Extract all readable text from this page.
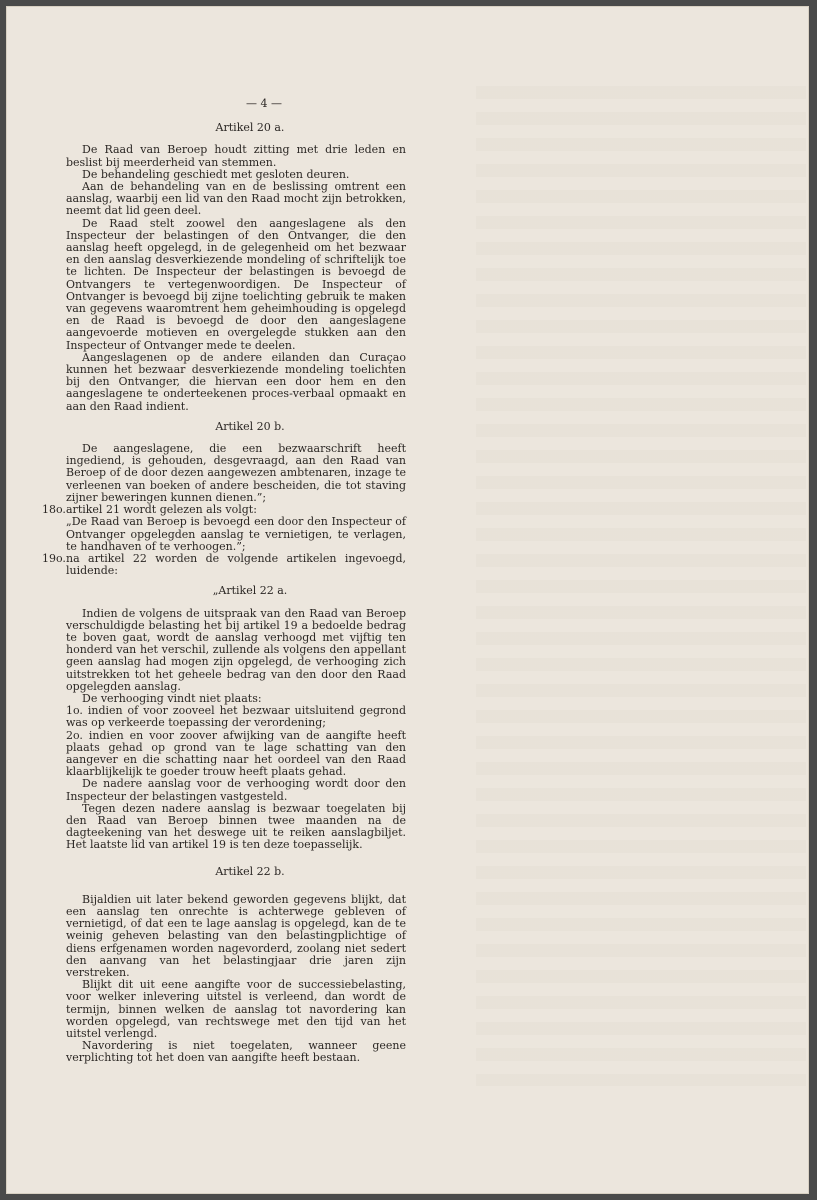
— 4 —
Artikel 20 a.

De Raad van Beroep houdt zitting met drie leden en beslist bij meerderheid van stemmen.

De behandeling geschiedt met gesloten deuren.

Aan de behandeling van en de beslissing omtrent een aanslag, waarbij een lid van den Raad mocht zijn betrokken, neemt dat lid geen deel.

De Raad stelt zoowel den aangeslagene als den Inspecteur der belastingen of den Ontvanger, die den aanslag heeft opgelegd, in de gelegenheid om het bezwaar en den aanslag desverkiezende mondeling of schriftelijk toe te lichten. De Inspecteur der belastingen is bevoegd de Ontvangers te vertegenwoordigen. De Inspecteur of Ontvanger is bevoegd bij zijne toelichting gebruik te maken van gegevens waaromtrent hem geheimhouding is opgelegd en de Raad is bevoegd de door den aangeslagene aangevoerde motieven en overgelegde stukken aan den Inspecteur of Ontvanger mede te deelen.

Aangeslagenen op de andere eilanden dan Curaçao kunnen het bezwaar desverkiezende mondeling toelichten bij den Ontvanger, die hiervan een door hem en den aangeslagene te onderteekenen proces-verbaal opmaakt en aan den Raad indient.

Artikel 20 b.

De aangeslagene, die een bezwaarschrift heeft ingediend, is gehouden, desgevraagd, aan den Raad van Beroep of de door dezen aangewezen ambtenaren, inzage te verleenen van boeken of andere bescheiden, die tot staving zijner beweringen kunnen dienen.”;

18o. artikel 21 wordt gelezen als volgt:

„De Raad van Beroep is bevoegd een door den Inspecteur of Ontvanger opgelegden aanslag te vernietigen, te verlagen, te handhaven of te verhoogen.”;

19o. na artikel 22 worden de volgende artikelen ingevoegd, luidende:

„Artikel 22 a.

Indien de volgens de uitspraak van den Raad van Beroep verschuldigde belasting het bij artikel 19 a bedoelde bedrag te boven gaat, wordt de aanslag verhoogd met vijftig ten honderd van het verschil, zullende als volgens den appellant geen aanslag had mogen zijn opgelegd, de verhooging zich uitstrekken tot het geheele bedrag van den door den Raad opgelegden aanslag.

De verhooging vindt niet plaats:

1o. indien of voor zooveel het bezwaar uitsluitend gegrond was op verkeerde toepassing der verordening;

2o. indien en voor zoover afwijking van de aangifte heeft plaats gehad op grond van te lage schatting van den aangever en die schatting naar het oordeel van den Raad klaarblijkelijk te goeder trouw heeft plaats gehad.

De nadere aanslag voor de verhooging wordt door den Inspecteur der belastingen vastgesteld.

Tegen dezen nadere aanslag is bezwaar toegelaten bij den Raad van Beroep binnen twee maanden na de dagteekening van het deswege uit te reiken aanslagbiljet. Het laatste lid van artikel 19 is ten deze toepasselijk.

Artikel 22 b.

Bijaldien uit later bekend geworden gegevens blijkt, dat een aanslag ten onrechte is achterwege gebleven of vernietigd, of dat een te lage aanslag is opgelegd, kan de te weinig geheven belasting van den belastingplichtige of diens erfgenamen worden nagevorderd, zoolang niet sedert den aanvang van het belastingjaar drie jaren zijn verstreken.

Blijkt dit uit eene aangifte voor de successiebelasting, voor welker inlevering uitstel is verleend, dan wordt de termijn, binnen welken de aanslag tot navordering kan worden opgelegd, van rechtswege met den tijd van het uitstel verlengd.

Navordering is niet toegelaten, wanneer geene verplichting tot het doen van aangifte heeft bestaan.
